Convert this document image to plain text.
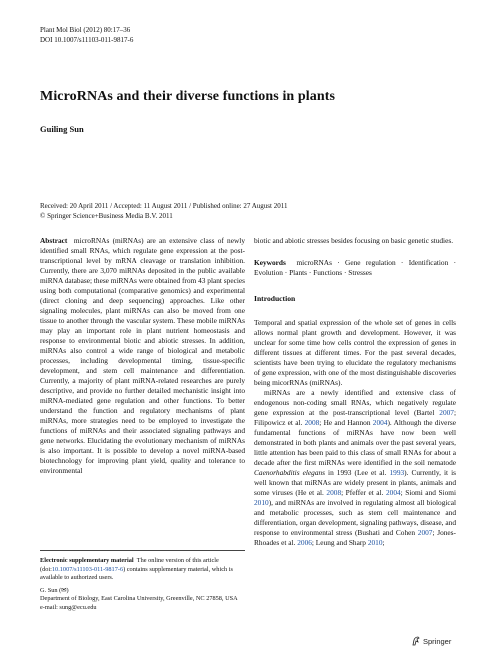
Plant Mol Biol (2012) 80:17–36
DOI 10.1007/s11103-011-9817-6
MicroRNAs and their diverse functions in plants
Guiling Sun
Received: 20 April 2011 / Accepted: 11 August 2011 / Published online: 27 August 2011
© Springer Science+Business Media B.V. 2011

Abstract microRNAs (miRNAs) are an extensive class of newly identified small RNAs, which regulate gene expression at the post-transcriptional level by mRNA cleavage or translation inhibition. Currently, there are 3,070 miRNAs deposited in the public available miRNA database; these miRNAs were obtained from 43 plant species using both computational (comparative genomics) and experimental (direct cloning and deep sequencing) approaches. Like other signaling molecules, plant miRNAs can also be moved from one tissue to another through the vascular system. These mobile miRNAs may play an important role in plant nutrient homeostasis and response to environmental biotic and abiotic stresses. In addition, miRNAs also control a wide range of biological and metabolic processes, including developmental timing, tissue-specific development, and stem cell maintenance and differentiation. Currently, a majority of plant miRNA-related researches are purely descriptive, and provide no further detailed mechanistic insight into miRNA-mediated gene regulation and other functions. To better understand the function and regulatory mechanisms of plant miRNAs, more strategies need to be employed to investigate the functions of miRNAs and their associated signaling pathways and gene networks. Elucidating the evolutionary mechanism of miRNAs is also important. It is possible to develop a novel miRNA-based biotechnology for improving plant yield, quality and tolerance to environmental

Electronic supplementary material The online version of this article (doi:10.1007/s11103-011-9817-6) contains supplementary material, which is available to authorized users.

G. Sun (✉)

Department of Biology, East Carolina University, Greenville, NC 27858, USA

e-mail: sung@ecu.edu

biotic and abiotic stresses besides focusing on basic genetic studies.

Keywords microRNAs · Gene regulation · Identification · Evolution · Plants · Functions · Stresses

Introduction

Temporal and spatial expression of the whole set of genes in cells allows normal plant growth and development. However, it was unclear for some time how cells control the expression of genes in different tissues at different times. For the past several decades, scientists have been trying to elucidate the regulatory mechanisms of gene expression, with one of the most distinguishable discoveries being micorRNAs (miRNAs).

miRNAs are a newly identified and extensive class of endogenous non-coding small RNAs, which negatively regulate gene expression at the post-transcriptional level (Bartel 2007; Filipowicz et al. 2008; He and Hannon 2004). Although the diverse fundamental functions of miRNAs have now been well demonstrated in both plants and animals over the past several years, little attention has been paid to this class of small RNAs for about a decade after the first miRNAs were identified in the soil nematode Caenorhabditis elegans in 1993 (Lee et al. 1993). Currently, it is well known that miRNAs are widely present in plants, animals and some viruses (He et al. 2008; Pfeffer et al. 2004; Siomi and Siomi 2010), and miRNAs are involved in regulating almost all biological and metabolic processes, such as stem cell maintenance and differentiation, organ development, signaling pathways, disease, and response to environmental stress (Bushati and Cohen 2007; Jones-Rhoades et al. 2006; Leung and Sharp 2010;

Springer
